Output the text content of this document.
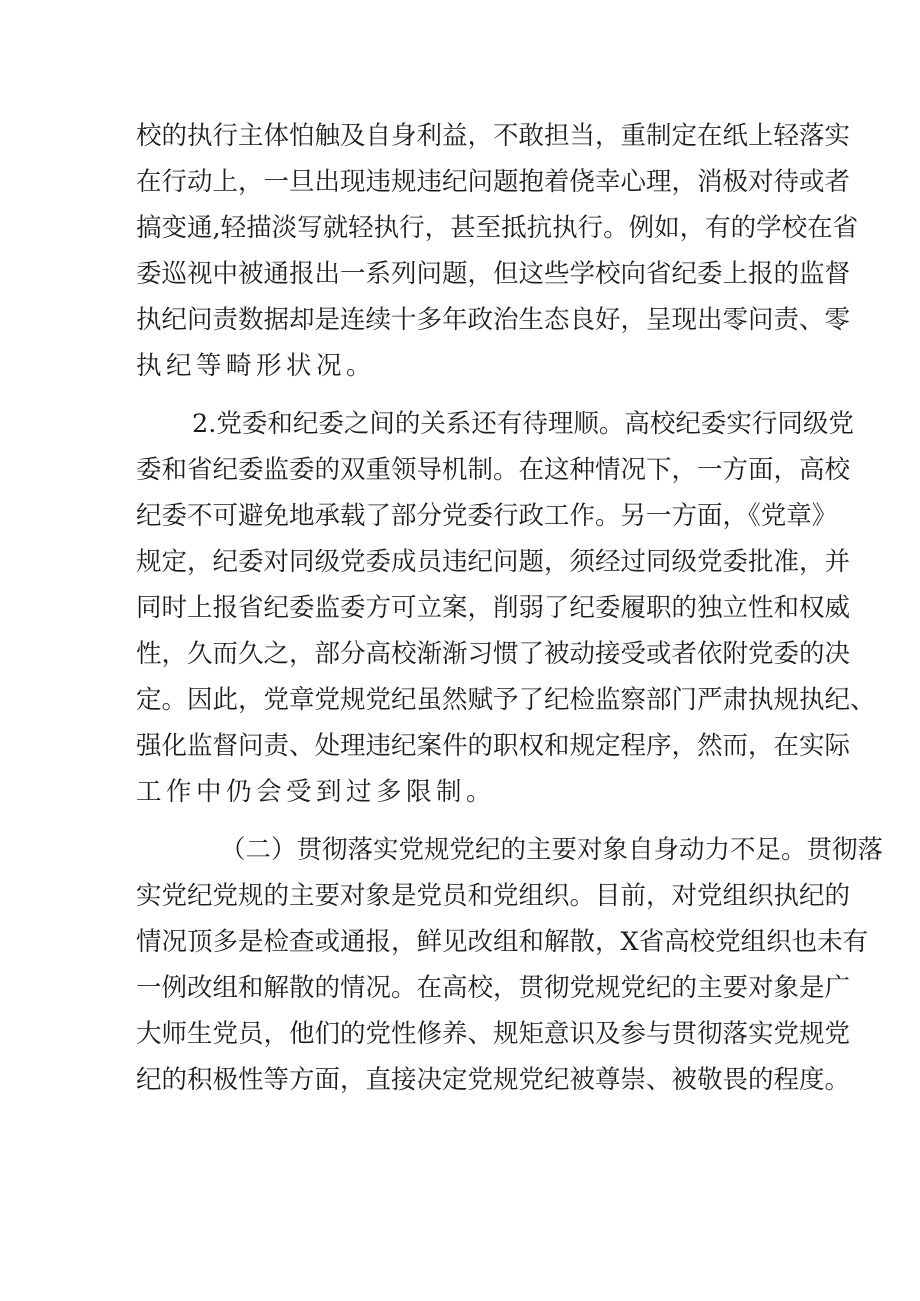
校的执行主体怕触及自身利益，不敢担当，重制定在纸上轻落实
在行动上，一旦出现违规违纪问题抱着侥幸心理，消极对待或者
搞变通,轻描淡写就轻执行，甚至抵抗执行。例如，有的学校在省
委巡视中被通报出一系列问题，但这些学校向省纪委上报的监督
执纪问责数据却是连续十多年政治生态良好，呈现出零问责、零
执纪等畸形状况。
2.党委和纪委之间的关系还有待理顺。高校纪委实行同级党
委和省纪委监委的双重领导机制。在这种情况下，一方面，高校
纪委不可避免地承载了部分党委行政工作。另一方面，《党章》
规定，纪委对同级党委成员违纪问题，须经过同级党委批准，并
同时上报省纪委监委方可立案，削弱了纪委履职的独立性和权威
性，久而久之，部分高校渐渐习惯了被动接受或者依附党委的决
定。因此，党章党规党纪虽然赋予了纪检监察部门严肃执规执纪、
强化监督问责、处理违纪案件的职权和规定程序，然而，在实际
工作中仍会受到过多限制。
（二）贯彻落实党规党纪的主要对象自身动力不足。贯彻落
实党纪党规的主要对象是党员和党组织。目前，对党组织执纪的
情况顶多是检查或通报，鲜见改组和解散，X省高校党组织也未有
一例改组和解散的情况。在高校，贯彻党规党纪的主要对象是广
大师生党员，他们的党性修养、规矩意识及参与贯彻落实党规党
纪的积极性等方面，直接决定党规党纪被尊崇、被敬畏的程度。
